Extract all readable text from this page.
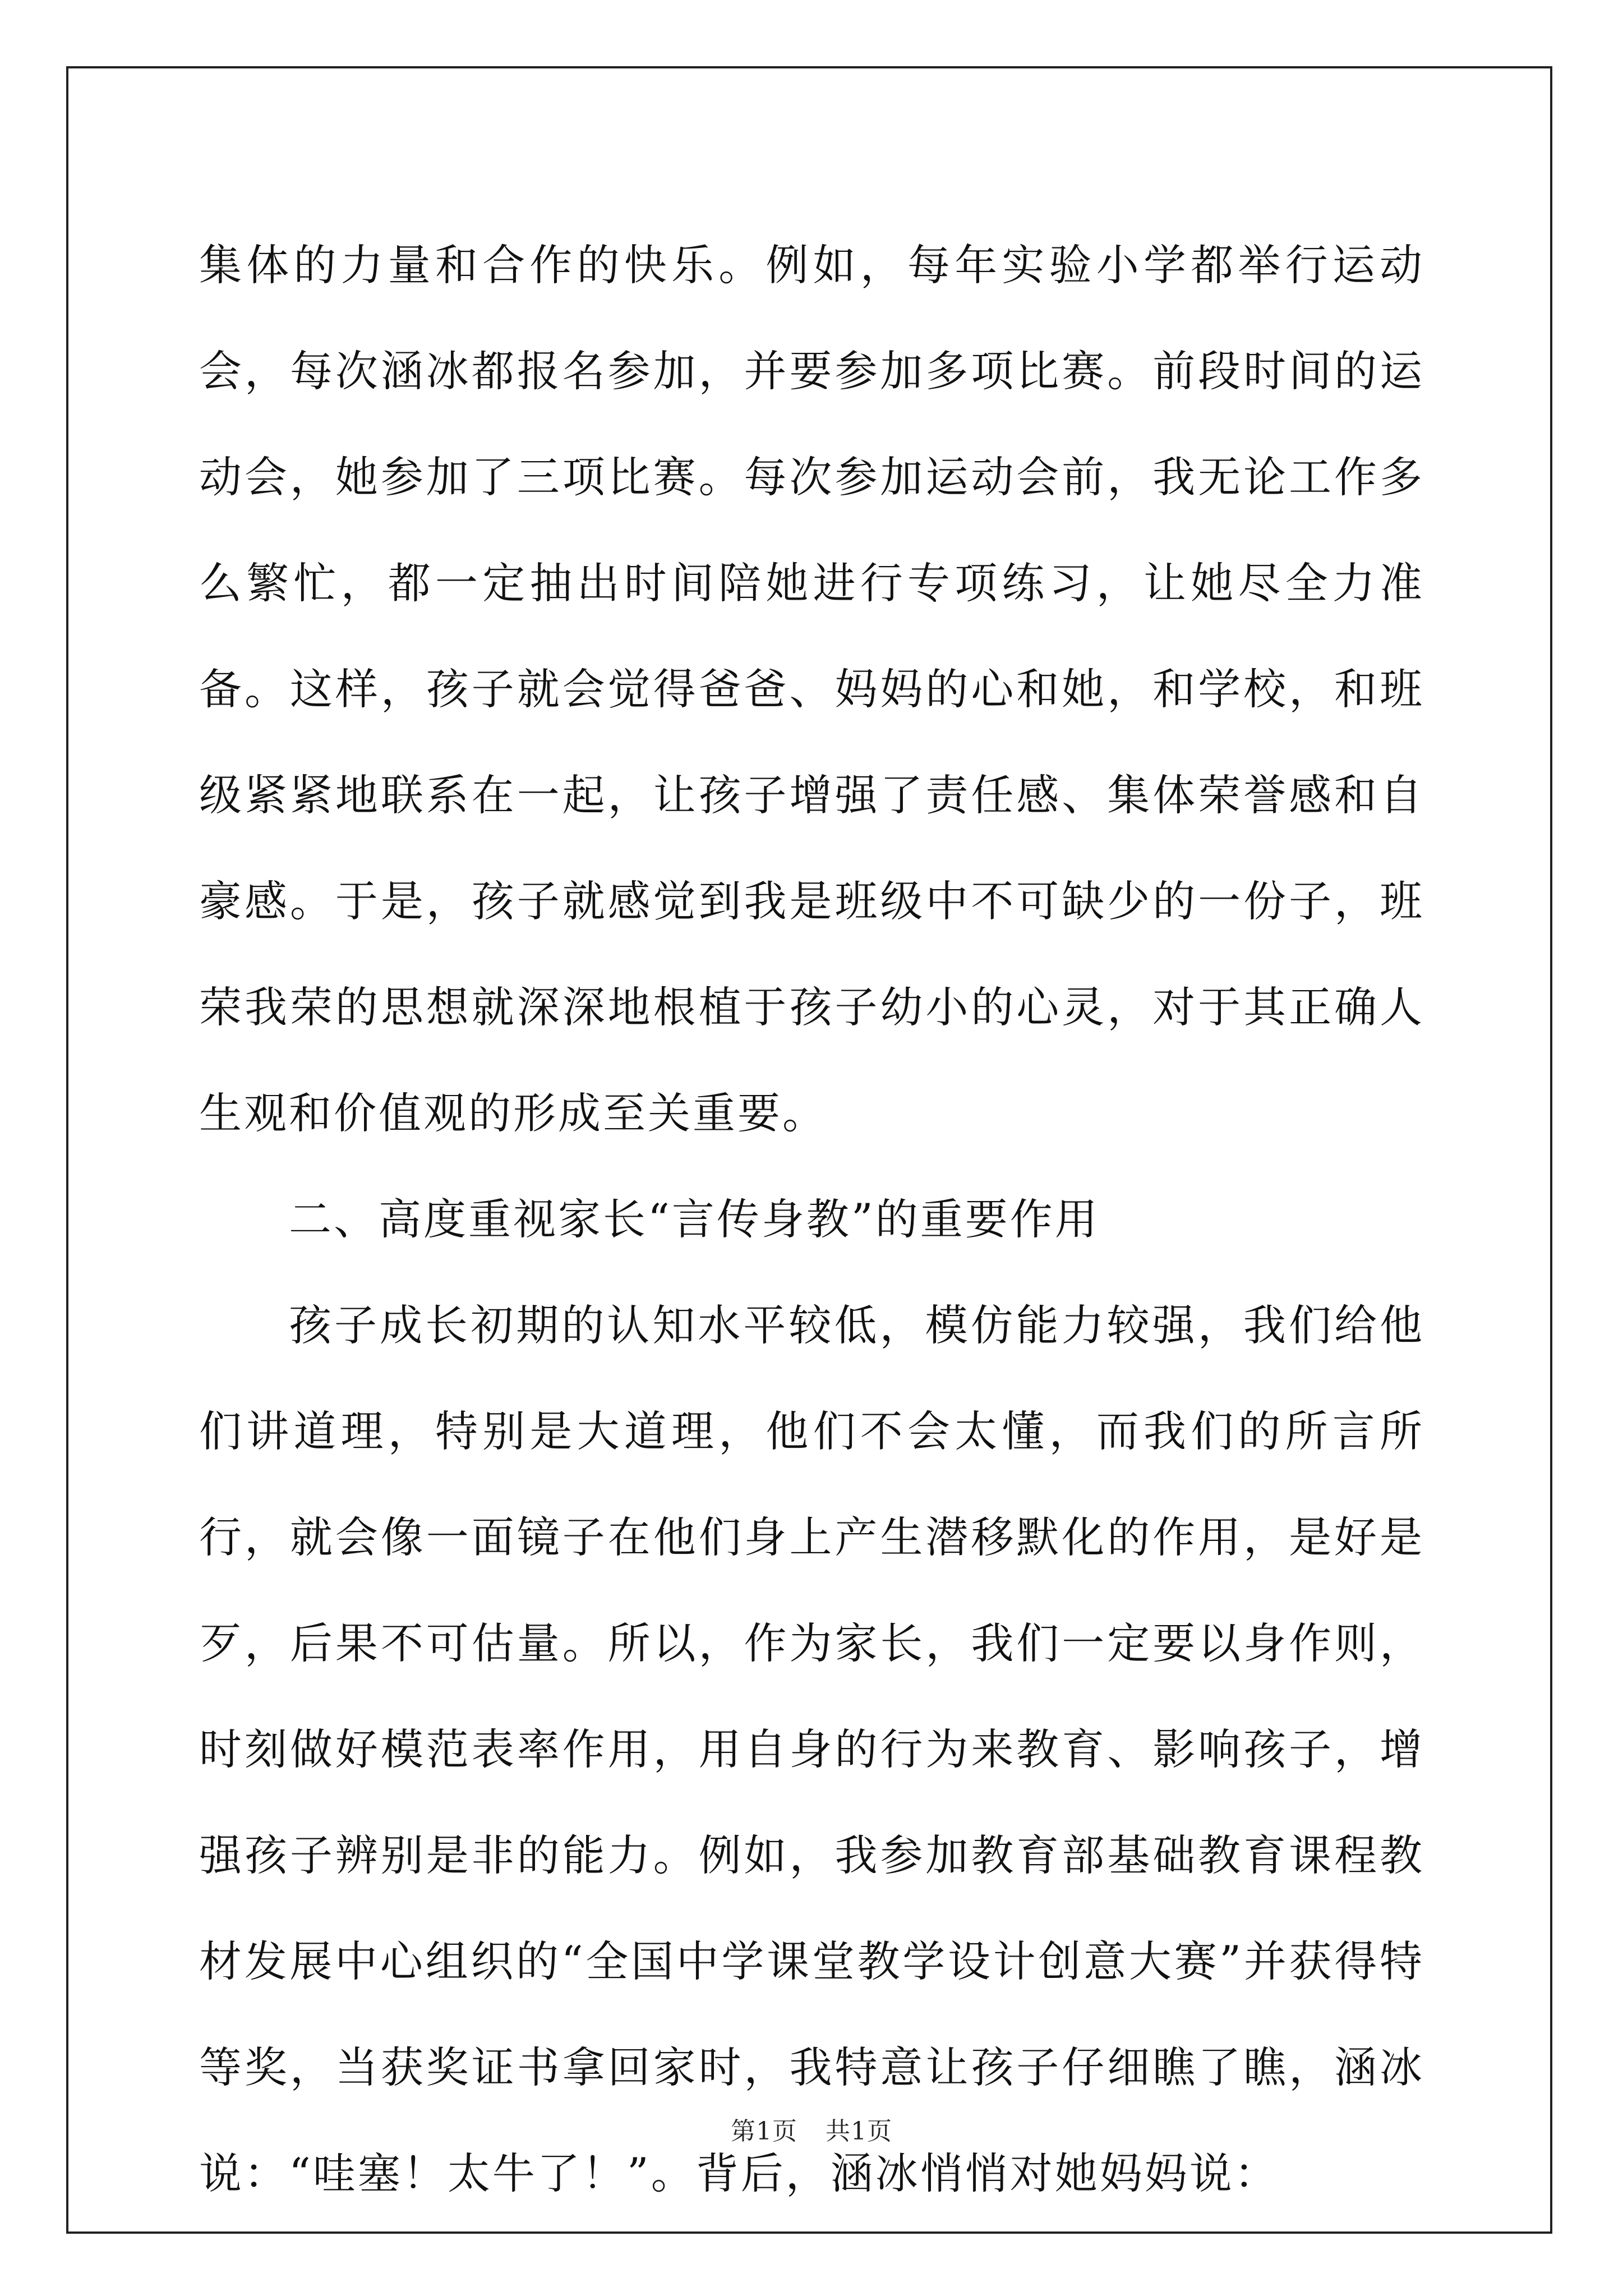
集体的力量和合作的快乐。例如，每年实验小学都举行运动会，每次涵冰都报名参加，并要参加多项比赛。前段时间的运动会，她参加了三项比赛。每次参加运动会前，我无论工作多么繁忙，都一定抽出时间陪她进行专项练习，让她尽全力准备。这样，孩子就会觉得爸爸、妈妈的心和她，和学校，和班级紧紧地联系在一起，让孩子增强了责任感、集体荣誉感和自豪感。于是，孩子就感觉到我是班级中不可缺少的一份子，班荣我荣的思想就深深地根植于孩子幼小的心灵，对于其正确人生观和价值观的形成至关重要。

二、高度重视家长“言传身教”的重要作用

孩子成长初期的认知水平较低，模仿能力较强，我们给他们讲道理，特别是大道理，他们不会太懂，而我们的所言所行，就会像一面镜子在他们身上产生潜移默化的作用，是好是歹，后果不可估量。所以，作为家长，我们一定要以身作则，时刻做好模范表率作用，用自身的行为来教育、影响孩子，增强孩子辨别是非的能力。例如，我参加教育部基础教育课程教材发展中心组织的“全国中学课堂教学设计创意大赛”并获得特等奖，当获奖证书拿回家时，我特意让孩子仔细瞧了瞧，涵冰说：“哇塞！太牛了！”。背后，涵冰悄悄对她妈妈说：

第1页 共1页
